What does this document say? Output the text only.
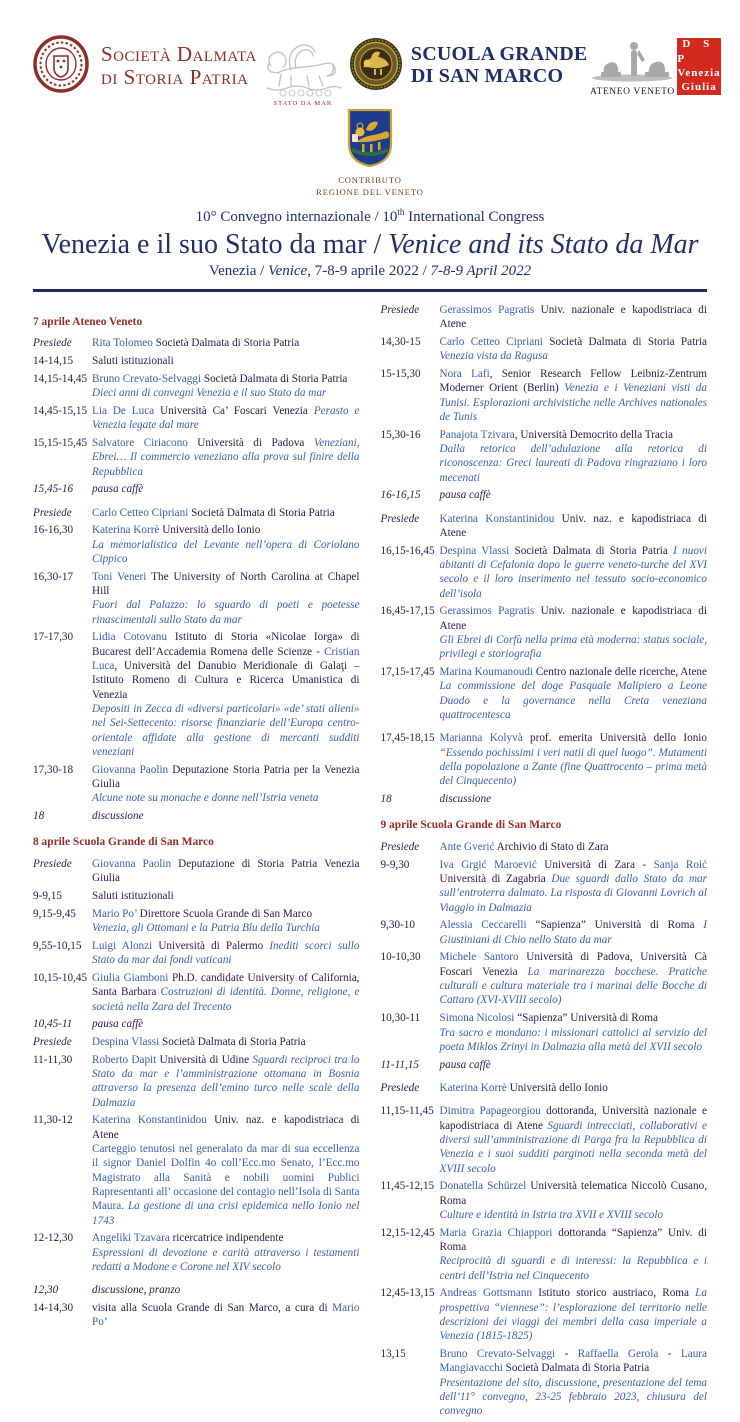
Società Dalmata
di Storia Patria
STATO DA MAR
SCUOLA GRANDE
DI SAN MARCO
ATENEO VENETO
D S P
Venezia
Giulia
CONTRIBUTO
REGIONE DEL VENETO
10° Convegno internazionale / 10th International Congress
Venezia e il suo Stato da mar / Venice and its Stato da Mar
Venezia / Venice, 7-8-9 aprile 2022 / 7-8-9 April 2022
7 aprile Ateneo Veneto
Presiede	Rita Tolomeo Società Dalmata di Storia Patria
14-14,15	Saluti istituzionali
14,15-14,45 Bruno Crevato-Selvaggi Società Dalmata di Storia Patria
Dieci anni di convegni Venezia e il suo Stato da mar
14,45-15,15 Lia De Luca Università Ca’ Foscari Venezia Perasto e Venezia legate dal mare
15,15-15,45 Salvatore Ciriacono Università di Padova Veneziani, Ebrei… Il commercio veneziano alla prova sul finire della Repubblica
15,45-16	pausa caffè
Presiede	Carlo Cetteo Cipriani Società Dalmata di Storia Patria
16-16,30	Katerina Korrè Università dello Ionio
La memorialistica del Levante nell’opera di Coriolano Cippico
16,30-17	Toni Veneri The University of North Carolina at Chapel Hill
Fuori dal Palazzo: lo sguardo di poeti e poetesse rinascimentali sullo Stato da mar
17-17,30	Lidia Cotovanu Istituto di Storia «Nicolae Iorga» di Bucarest dell’Accademia Romena delle Scienze - Cristian Luca, Università del Danubio Meridionale di Galaţi – Istituto Romeno di Cultura e Ricerca Umanistica di Venezia
Depositi in Zecca di «diversi particolari» «de’ stati alieni» nel Sei-Settecento: risorse finanziarie dell’Europa centro-orientale affidate alla gestione di mercanti sudditi veneziani
17,30-18	Giovanna Paolin Deputazione Storia Patria per la Venezia Giulia
Alcune note su monache e donne nell’Istria veneta
18	discussione
8 aprile Scuola Grande di San Marco
Presiede	Giovanna Paolin Deputazione di Storia Patria Venezia Giulia
9-9,15	Saluti istituzionali
9,15-9,45	Mario Po’ Direttore Scuola Grande di San Marco
Venezia, gli Ottomani e la Patria Blu della Turchia
9,55-10,15 Luigi Alonzi Università di Palermo Inediti scorci sullo Stato da mar dai fondi vaticani
10,15-10,45 Giulia Giamboni Ph.D. candidate University of California, Santa Barbara Costruzioni di identità. Donne, religione, e società nella Zara del Trecento
10,45-11	pausa caffè
Presiede	Despina Vlassi Società Dalmata di Storia Patria
11-11,30	Roberto Dapit Università di Udine Sguardi reciproci tra lo Stato da mar e l’amministrazione ottomana in Bosnia attraverso la presenza dell’emino turco nelle scale della Dalmazia
11,30-12	Katerina Konstantinidou Univ. naz. e kapodistriaca di Atene
Carteggio tenutosi nel generalato da mar di sua eccellenza il signor Daniel Dolfin 4o coll’Ecc.mo Senato, l’Ecc.mo Magistrato alla Sanità e nobili uomini Publici Rapresentanti all’ occasione del contagio nell’Isola di Santa Maura. La gestione di una crisi epidemica nello Ionio nel 1743
12-12,30	Angeliki Tzavara ricercatrice indipendente
Espressioni di devozione e carità attraverso i testamenti redatti a Modone e Corone nel XIV secolo
12,30	discussione, pranzo
14-14,30	visita alla Scuola Grande di San Marco, a cura di Mario Po’
Presiede	Gerassimos Pagratis Univ. nazionale e kapodistriaca di Atene
14,30-15	Carlo Cetteo Cipriani Società Dalmata di Storia Patria Venezia vista da Ragusa
15-15,30	Nora Lafi, Senior Research Fellow Leibniz-Zentrum Moderner Orient (Berlin) Venezia e i Veneziani visti da Tunisi. Esplorazioni archivistiche nelle Archives nationales de Tunis
15,30-16	Panajota Tzivara, Università Democrito della Tracia
Dalla retorica dell’adulazione alla retorica di riconoscenza: Greci laureati di Padova ringraziano i loro mecenati
16-16,15	pausa caffè
Presiede	Katerina Konstantinidou Univ. naz. e kapodistriaca di Atene
16,15-16,45 Despina Vlassi Società Dalmata di Storia Patria I nuovi abitanti di Cefalonia dopo le guerre veneto-turche del XVI secolo e il loro inserimento nel tessuto socio-economico dell’isola
16,45-17,15 Gerassimos Pagratis Univ. nazionale e kapodistriaca di Atene
Gli Ebrei di Corfù nella prima età moderna: status sociale, privilegi e storiografia
17,15-17,45 Marina Koumanoudi Centro nazionale delle ricerche, Atene La commissione del doge Pasquale Malipiero a Leone Duodo e la governance nella Creta veneziana quattrocentesca
17,45-18,15 Marianna Kolyvà prof. emerita Università dello Ionio “Essendo pochissimi i veri natii di quel luogo”. Mutamenti della popolazione a Zante (fine Quattrocento – prima metà del Cinquecento)
18	discussione
9 aprile Scuola Grande di San Marco
Presiede	Ante Gverić Archivio di Stato di Zara
9-9,30	Iva Grgić Maroević Università di Zara - Sanja Roić Università di Zagabria Due sguardi dallo Stato da mar sull’entroterra dalmato. La risposta di Giovanni Lovrich al Viaggio in Dalmazia
9,30-10	Alessia Ceccarelli “Sapienza” Università di Roma I Giustiniani di Chio nello Stato da mar
10-10,30	Michele Santoro Università di Padova, Università Cà Foscari Venezia La marinarezza bocchese. Pratiche culturali e cultura materiale tra i marinai delle Bocche di Cattaro (XVI-XVIII secolo)
10,30-11	Simona Nicolosi “Sapienza” Università di Roma
Tra sacro e mondano: i missionari cattolici al servizio del poeta Miklos Zrinyi in Dalmazia alla metà del XVII secolo
11-11,15	pausa caffè
Presiede	Katerina Korrè Università dello Ionio
11,15-11,45 Dimitra Papageorgiou dottoranda, Università nazionale e kapodistriaca di Atene Sguardi intrecciati, collaborativi e diversi sull’amministrazione di Parga fra la Repubblica di Venezia e i suoi sudditi parginoti nella seconda metà del XVIII secolo
11,45-12,15 Donatella Schürzel Università telematica Niccolò Cusano, Roma
Culture e identità in Istria tra XVII e XVIII secolo
12,15-12,45 Maria Grazia Chiappori dottoranda “Sapienza” Univ. di Roma
Reciprocità di sguardi e di interessi: la Repubblica e i centri dell’Istria nel Cinquecento
12,45-13,15 Andreas Gottsmann Istituto storico austriaco, Roma La prospettiva “viennese”: l’esplorazione del territorio nelle descrizioni dei viaggi dei membri della casa imperiale a Venezia (1815-1825)
13,15	Bruno Crevato-Selvaggi - Raffaella Gerola - Laura Mangiavacchi Società Dalmata di Storia Patria
Presentazione del sito, discussione, presentazione del tema dell’11° convegno, 23-25 febbraio 2023, chiusura del convegno
